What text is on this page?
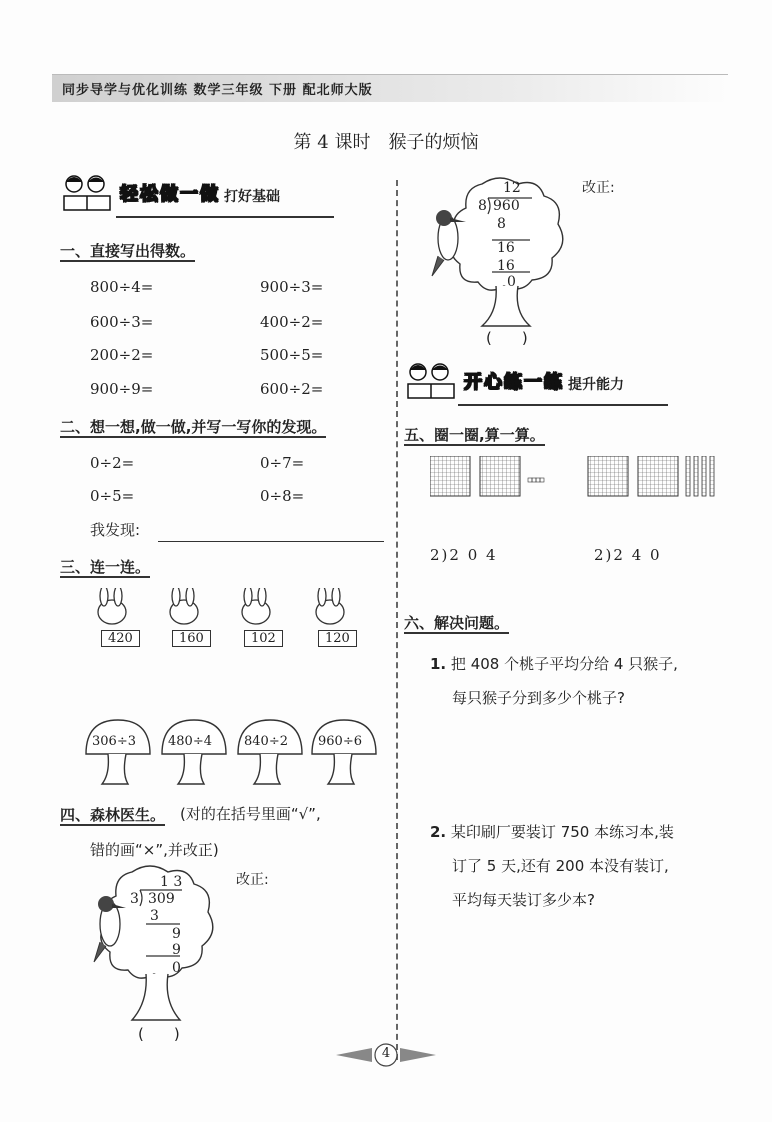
同步导学与优化训练 数学三年级 下册 配北师大版
第 4 课时　猴子的烦恼
轻松做一做 打好基础
一、直接写出得数。
800÷4=	900÷3=
600÷3=	400÷2=
200÷2=	500÷5=
900÷9=	600÷2=
二、想一想,做一做,并写一写你的发现。
0÷2=	0÷7=
0÷5=	0÷8=
我发现:
三、连一连。
420	160	102	120
306÷3 480÷4 840÷2 960÷6
四、森林医生。 (对的在括号里画“√”,
错的画“×”,并改正)
1 3
3 309
3
9
9
0
改正:
(　　)
12
8 960
8
16
16
0
改正:
(　　)
开心练一练 提升能力
五、圈一圈,算一算。
2)2 0 4	2)2 4 0
六、解决问题。
1. 把 408 个桃子平均分给 4 只猴子,
每只猴子分到多少个桃子?
2. 某印刷厂要装订 750 本练习本,装
订了 5 天,还有 200 本没有装订,
平均每天装订多少本?
4
